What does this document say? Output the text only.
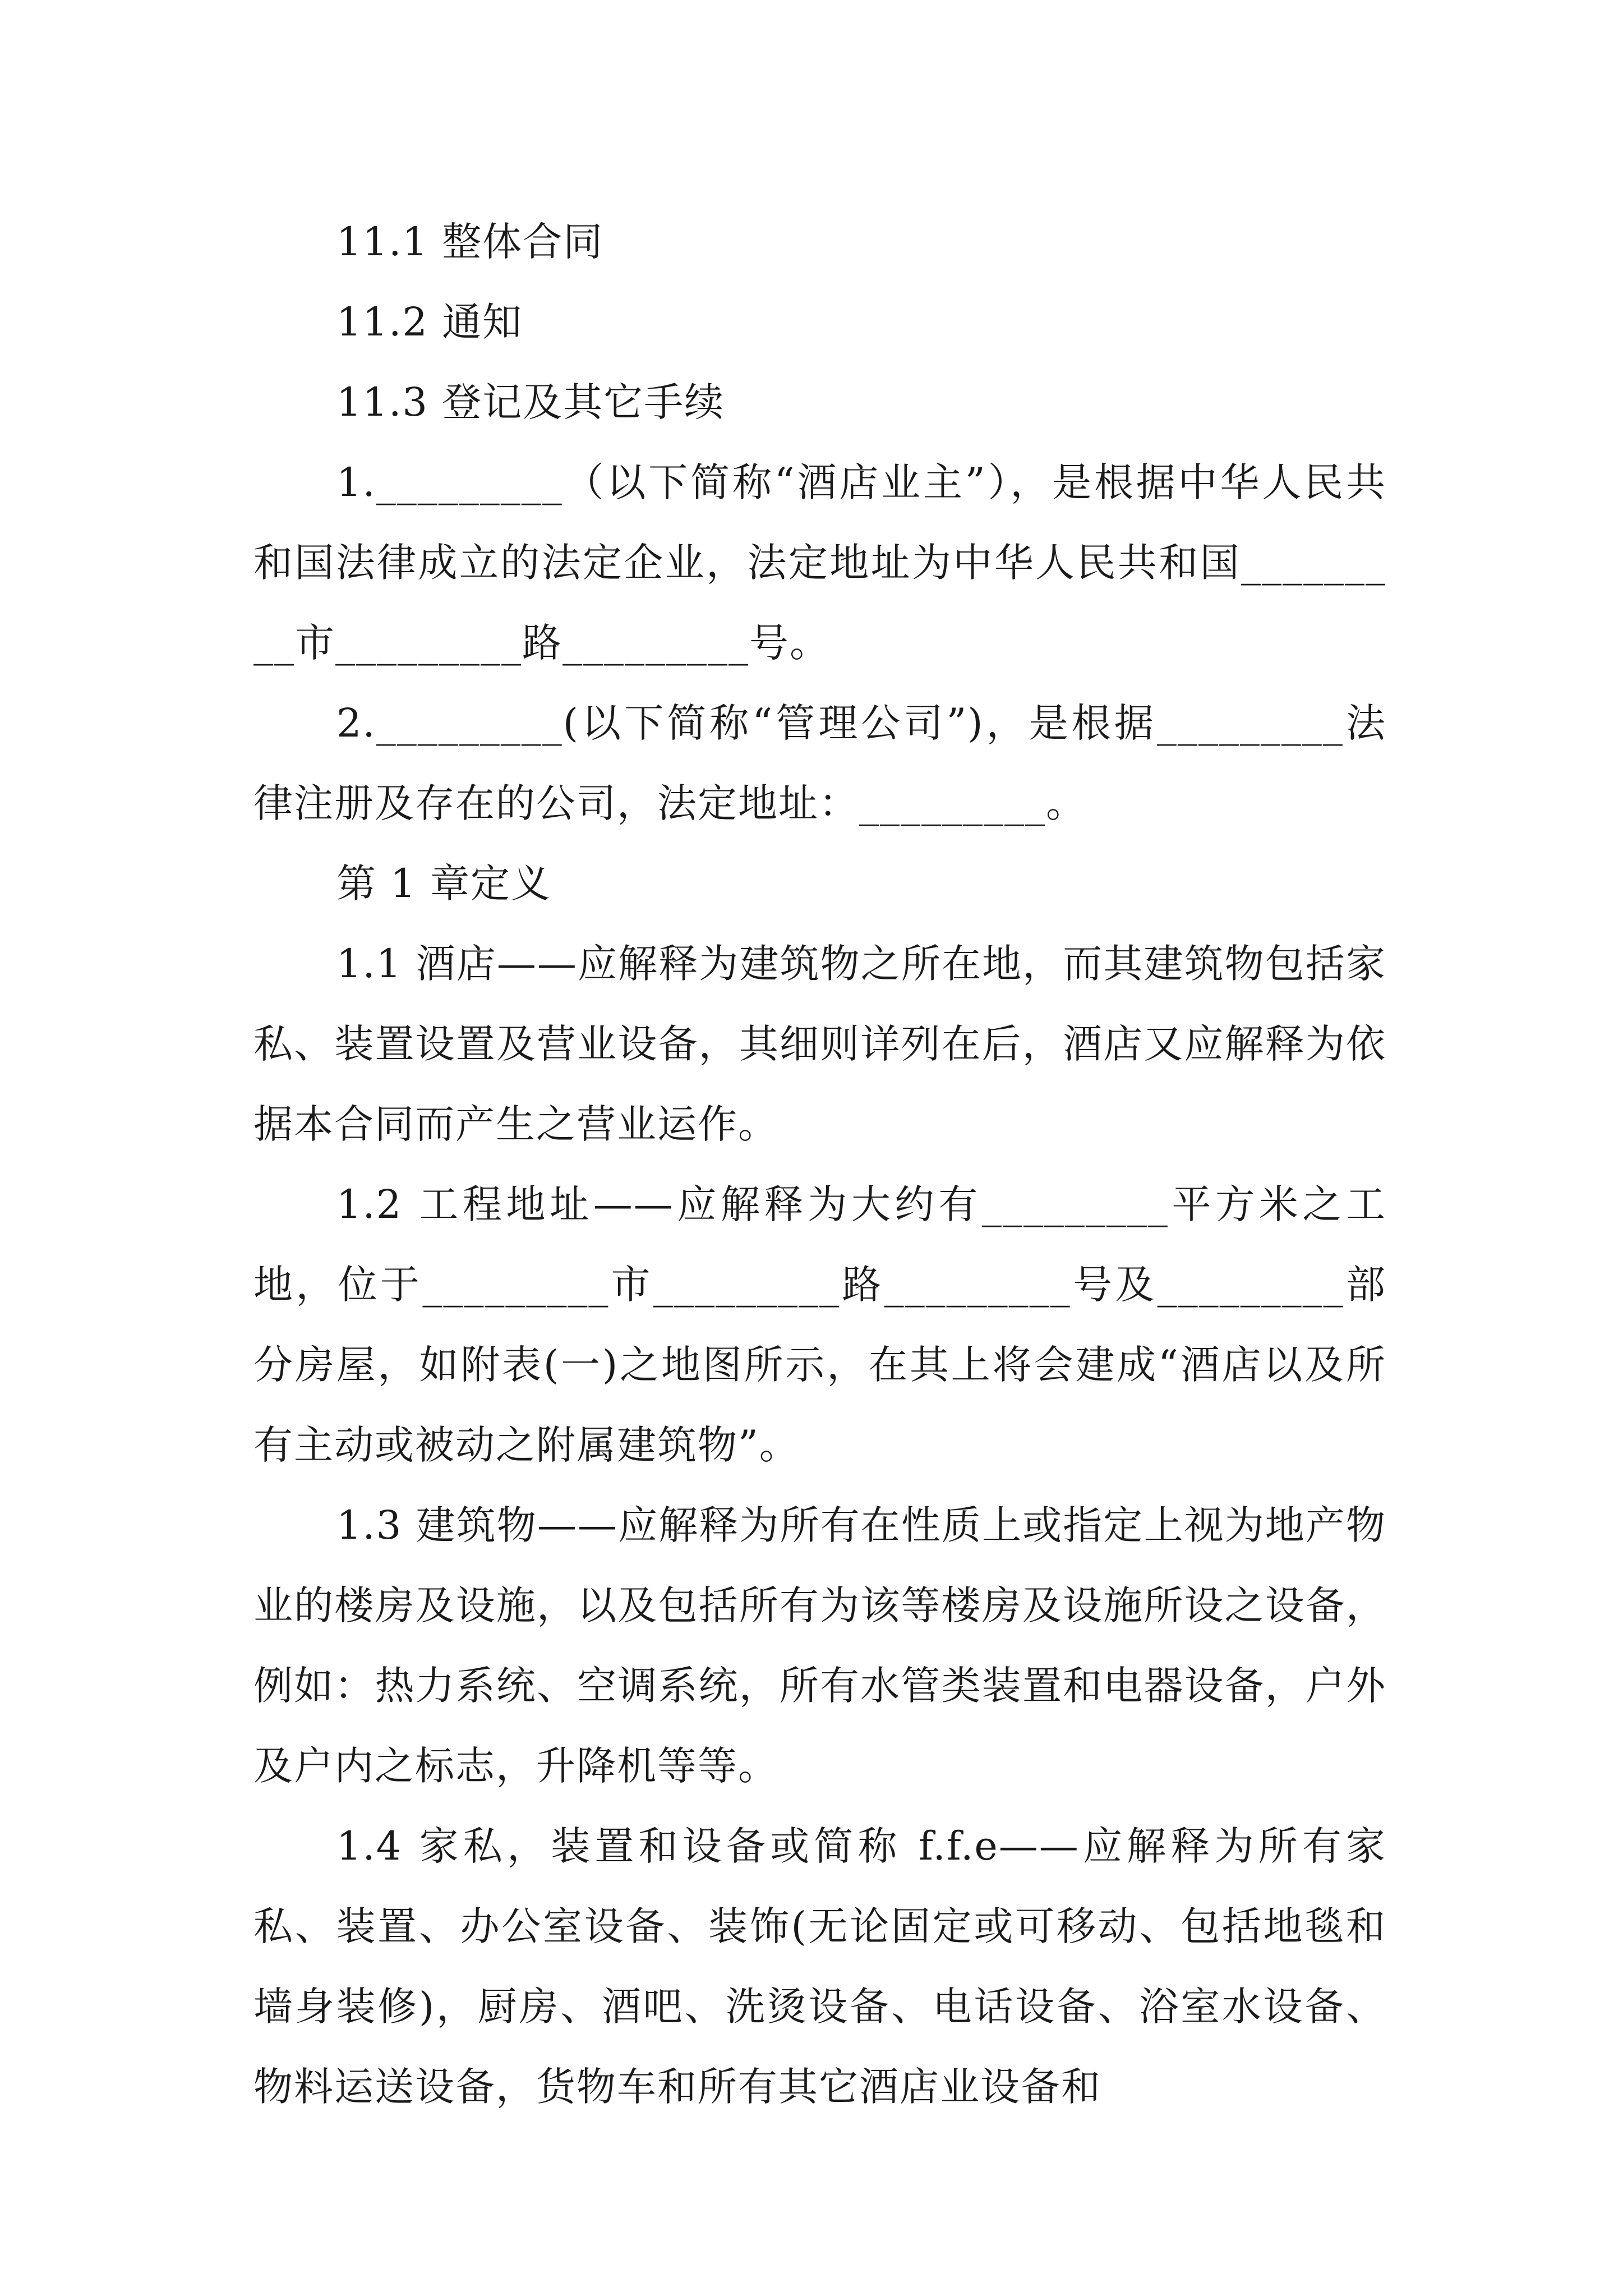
11.1 整体合同

11.2 通知

11.3 登记及其它手续

1._________（以下简称“酒店业主”），是根据中华人民共和国法律成立的法定企业，法定地址为中华人民共和国_________市_________路_________号。

2._________(以下简称“管理公司”)，是根据_________法律注册及存在的公司，法定地址：_________。

第 1 章定义

1.1 酒店——应解释为建筑物之所在地，而其建筑物包括家私、装置设置及营业设备，其细则详列在后，酒店又应解释为依据本合同而产生之营业运作。

1.2 工程地址——应解释为大约有_________平方米之工地，位于_________市_________路_________号及_________部分房屋，如附表(一)之地图所示，在其上将会建成“酒店以及所有主动或被动之附属建筑物”。

1.3 建筑物——应解释为所有在性质上或指定上视为地产物业的楼房及设施，以及包括所有为该等楼房及设施所设之设备，例如：热力系统、空调系统，所有水管类装置和电器设备，户外及户内之标志，升降机等等。

1.4 家私，装置和设备或简称 f.f.e——应解释为所有家私、装置、办公室设备、装饰(无论固定或可移动、包括地毯和墙身装修)，厨房、酒吧、洗烫设备、电话设备、浴室水设备、物料运送设备，货物车和所有其它酒店业设备和
